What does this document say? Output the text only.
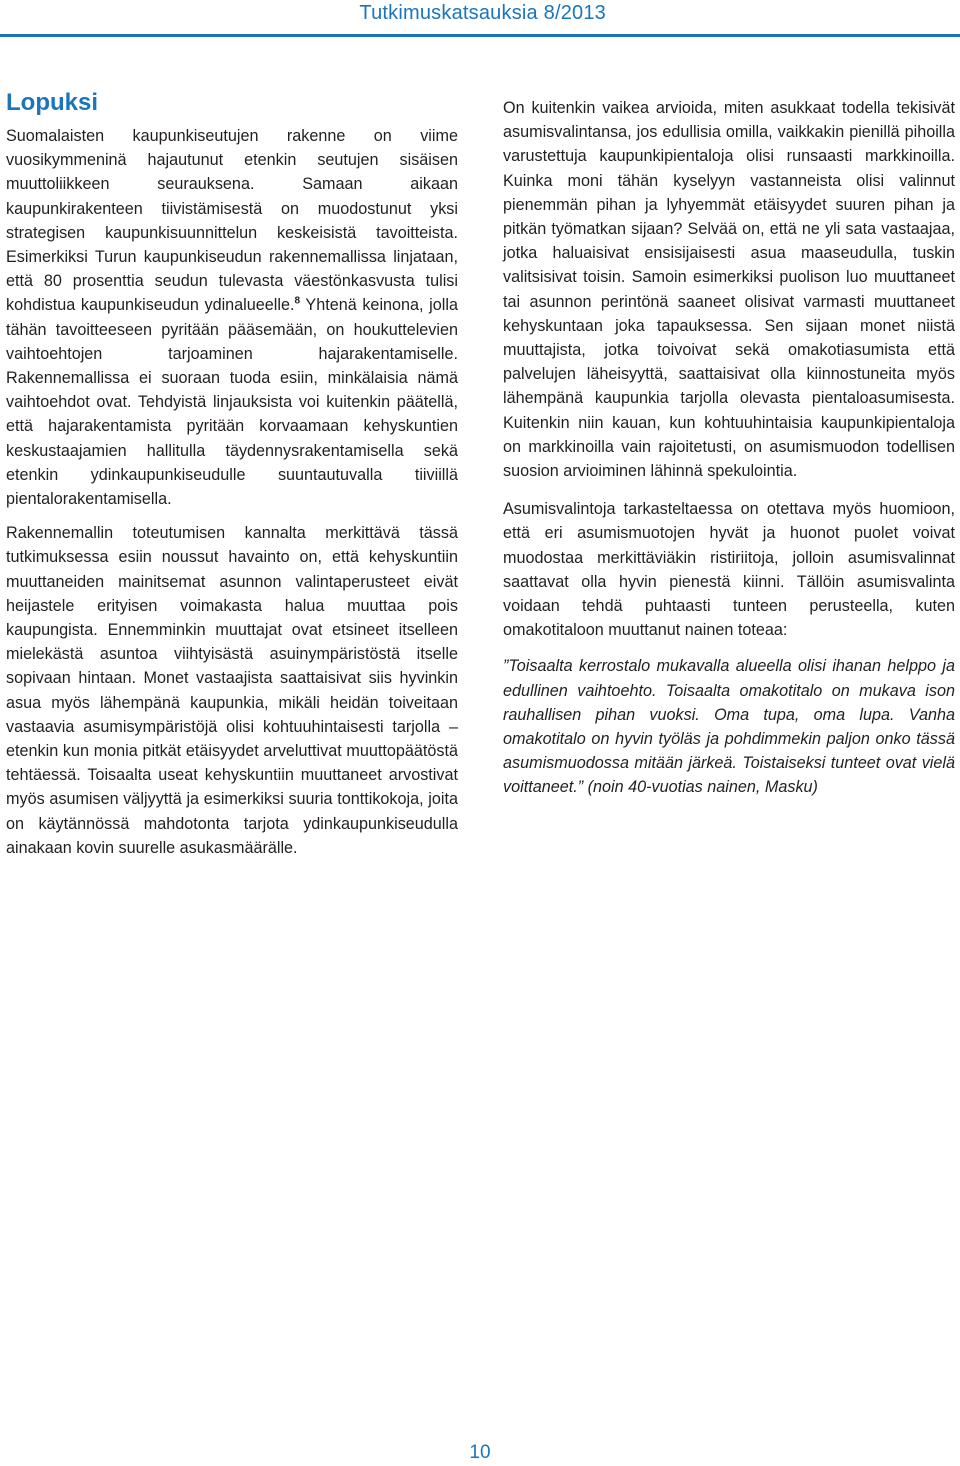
Tutkimuskatsauksia 8/2013
Lopuksi

Suomalaisten kaupunkiseutujen rakenne on viime vuosikymmeninä hajautunut etenkin seutujen sisäisen muuttoliikkeen seurauksena. Samaan aikaan kaupunkirakenteen tiivistämisestä on muodostunut yksi strategisen kaupunkisuunnittelun keskeisistä tavoitteista. Esimerkiksi Turun kaupunkiseudun rakennemallissa linjataan, että 80 prosenttia seudun tulevasta väestönkasvusta tulisi kohdistua kaupunkiseudun ydinalueelle.$^8$ Yhtenä keinona, jolla tähän tavoitteeseen pyritään pääsemään, on houkuttelevien vaihtoehtojen tarjoaminen hajarakentamiselle. Rakennemallissa ei suoraan tuoda esiin, minkälaisia nämä vaihtoehdot ovat. Tehdyistä linjauksista voi kuitenkin päätellä, että hajarakentamista pyritään korvaamaan kehyskuntien keskustaajamien hallitulla täydennysrakentamisella sekä etenkin ydinkaupunkiseudulle suuntautuvalla tiiviillä pientalorakentamisella.

Rakennemallin toteutumisen kannalta merkittävä tässä tutkimuksessa esiin noussut havainto on, että kehyskuntiin muuttaneiden mainitsemat asunnon valintaperusteet eivät heijastele erityisen voimakasta halua muuttaa pois kaupungista. Ennemminkin muuttajat ovat etsineet itselleen mielekästä asuntoa viihtyisästä asuinympäristöstä itselle sopivaan hintaan. Monet vastaajista saattaisivat siis hyvinkin asua myös lähempänä kaupunkia, mikäli heidän toiveitaan vastaavia asumisympäristöjä olisi kohtuuhintaisesti tarjolla – etenkin kun monia pitkät etäisyydet arveluttivat muuttopäätöstä tehtäessä. Toisaalta useat kehyskuntiin muuttaneet arvostivat myös asumisen väljyyttä ja esimerkiksi suuria tonttikokoja, joita on käytännössä mahdotonta tarjota ydinkaupunkiseudulla ainakaan kovin suurelle asukasmäärälle.

On kuitenkin vaikea arvioida, miten asukkaat todella tekisivät asumisvalintansa, jos edullisia omilla, vaikkakin pienillä pihoilla varustettuja kaupunkipientaloja olisi runsaasti markkinoilla. Kuinka moni tähän kyselyyn vastanneista olisi valinnut pienemmän pihan ja lyhyemmät etäisyydet suuren pihan ja pitkän työmatkan sijaan? Selvää on, että ne yli sata vastaajaa, jotka haluaisivat ensisijaisesti asua maaseudulla, tuskin valitsisivat toisin. Samoin esimerkiksi puolison luo muuttaneet tai asunnon perintönä saaneet olisivat varmasti muuttaneet kehyskuntaan joka tapauksessa. Sen sijaan monet niistä muuttajista, jotka toivoivat sekä omakotiasumista että palvelujen läheisyyttä, saattaisivat olla kiinnostuneita myös lähempänä kaupunkia tarjolla olevasta pientaloasumisesta. Kuitenkin niin kauan, kun kohtuuhintaisia kaupunkipientaloja on markkinoilla vain rajoitetusti, on asumismuodon todellisen suosion arvioiminen lähinnä spekulointia.

Asumisvalintoja tarkasteltaessa on otettava myös huomioon, että eri asumismuotojen hyvät ja huonot puolet voivat muodostaa merkittäviäkin ristiriitoja, jolloin asumisvalinnat saattavat olla hyvin pienestä kiinni. Tällöin asumisvalinta voidaan tehdä puhtaasti tunteen perusteella, kuten omakotitaloon muuttanut nainen toteaa:

”Toisaalta kerrostalo mukavalla alueella olisi ihanan helppo ja edullinen vaihtoehto. Toisaalta omakotitalo on mukava ison rauhallisen pihan vuoksi. Oma tupa, oma lupa. Vanha omakotitalo on hyvin työläs ja pohdimmekin paljon onko tässä asumismuodossa mitään järkeä. Toistaiseksi tunteet ovat vielä voittaneet.” (noin 40-vuotias nainen, Masku)

10
